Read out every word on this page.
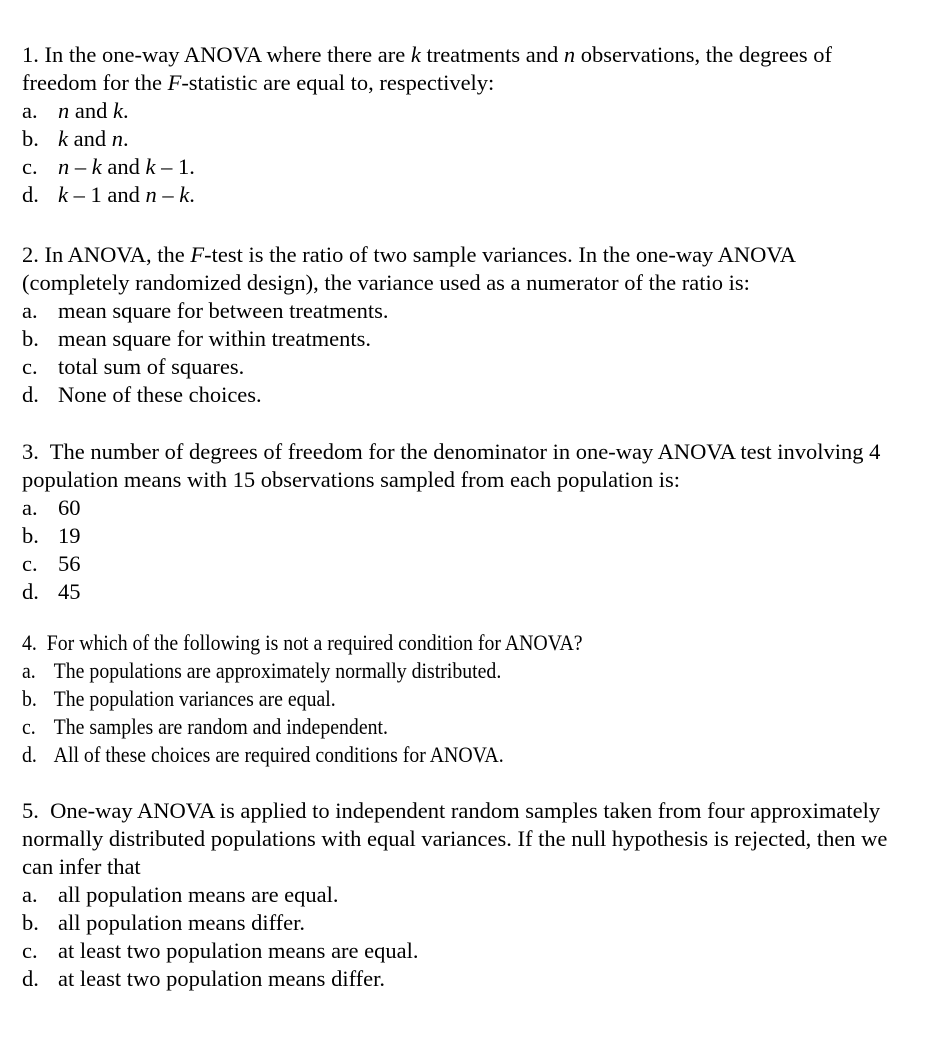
1. In the one-way ANOVA where there are k treatments and n observations, the degrees of freedom for the F-statistic are equal to, respectively:

a. n and k.
b. k and n.
c. n – k and k – 1.
d. k – 1 and n – k.

2. In ANOVA, the F-test is the ratio of two sample variances. In the one-way ANOVA (completely randomized design), the variance used as a numerator of the ratio is:

a. mean square for between treatments.
b. mean square for within treatments.
c. total sum of squares.
d. None of these choices.

3. The number of degrees of freedom for the denominator in one-way ANOVA test involving 4 population means with 15 observations sampled from each population is:

a. 60
b. 19
c. 56
d. 45

4. For which of the following is not a required condition for ANOVA?

a. The populations are approximately normally distributed.
b. The population variances are equal.
c. The samples are random and independent.
d. All of these choices are required conditions for ANOVA.

5. One-way ANOVA is applied to independent random samples taken from four approximately normally distributed populations with equal variances. If the null hypothesis is rejected, then we can infer that

a. all population means are equal.
b. all population means differ.
c. at least two population means are equal.
d. at least two population means differ.
